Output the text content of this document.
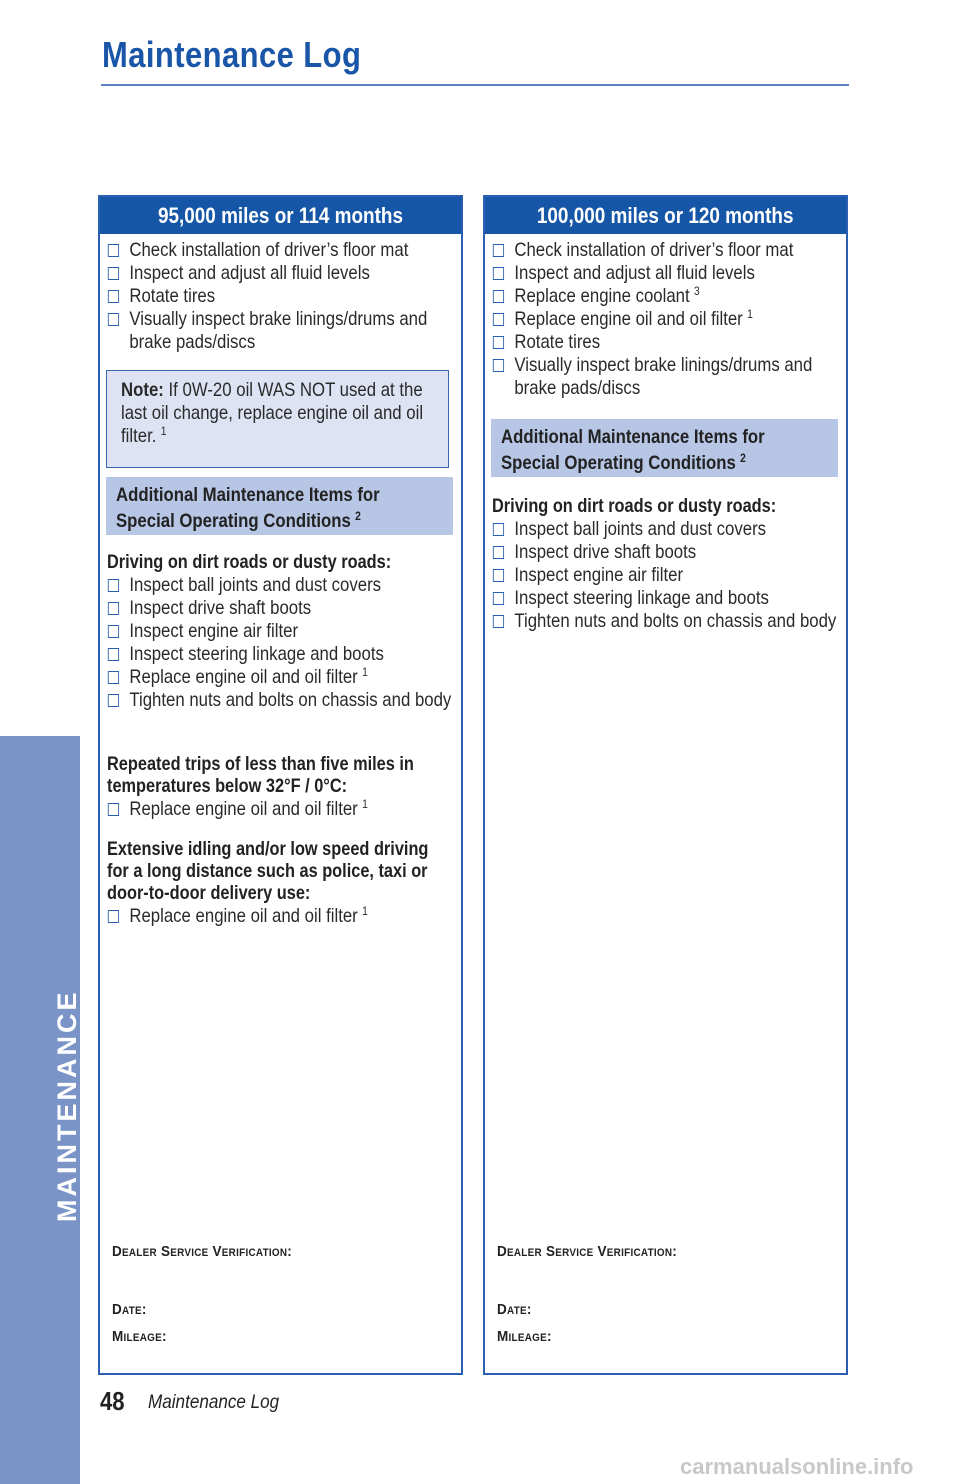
Maintenance Log
MAINTENANCE
95,000 miles or 114 months
Check installation of driver’s floor mat
Inspect and adjust all fluid levels
Rotate tires
Visually inspect brake linings/drums and brake pads/discs
Note: If 0W-20 oil WAS NOT used at the last oil change, replace engine oil and oil filter. $^1$
Additional Maintenance Items for
Special Operating Conditions $^2$
Driving on dirt roads or dusty roads:
Inspect ball joints and dust covers
Inspect drive shaft boots
Inspect engine air filter
Inspect steering linkage and boots
Replace engine oil and oil filter $^1$
Tighten nuts and bolts on chassis and body
Repeated trips of less than five miles in temperatures below 32°F / 0°C:
Replace engine oil and oil filter $^1$
Extensive idling and/or low speed driving for a long distance such as police, taxi or door-to-door delivery use:
Replace engine oil and oil filter $^1$
Dealer Service Verification:
Date:
Mileage:
100,000 miles or 120 months
Check installation of driver’s floor mat
Inspect and adjust all fluid levels
Replace engine coolant $^3$
Replace engine oil and oil filter $^1$
Rotate tires
Visually inspect brake linings/drums and brake pads/discs
Additional Maintenance Items for
Special Operating Conditions $^2$
Driving on dirt roads or dusty roads:
Inspect ball joints and dust covers
Inspect drive shaft boots
Inspect engine air filter
Inspect steering linkage and boots
Tighten nuts and bolts on chassis and body
Dealer Service Verification:
Date:
Mileage:
48 Maintenance Log
carmanualsonline.info
